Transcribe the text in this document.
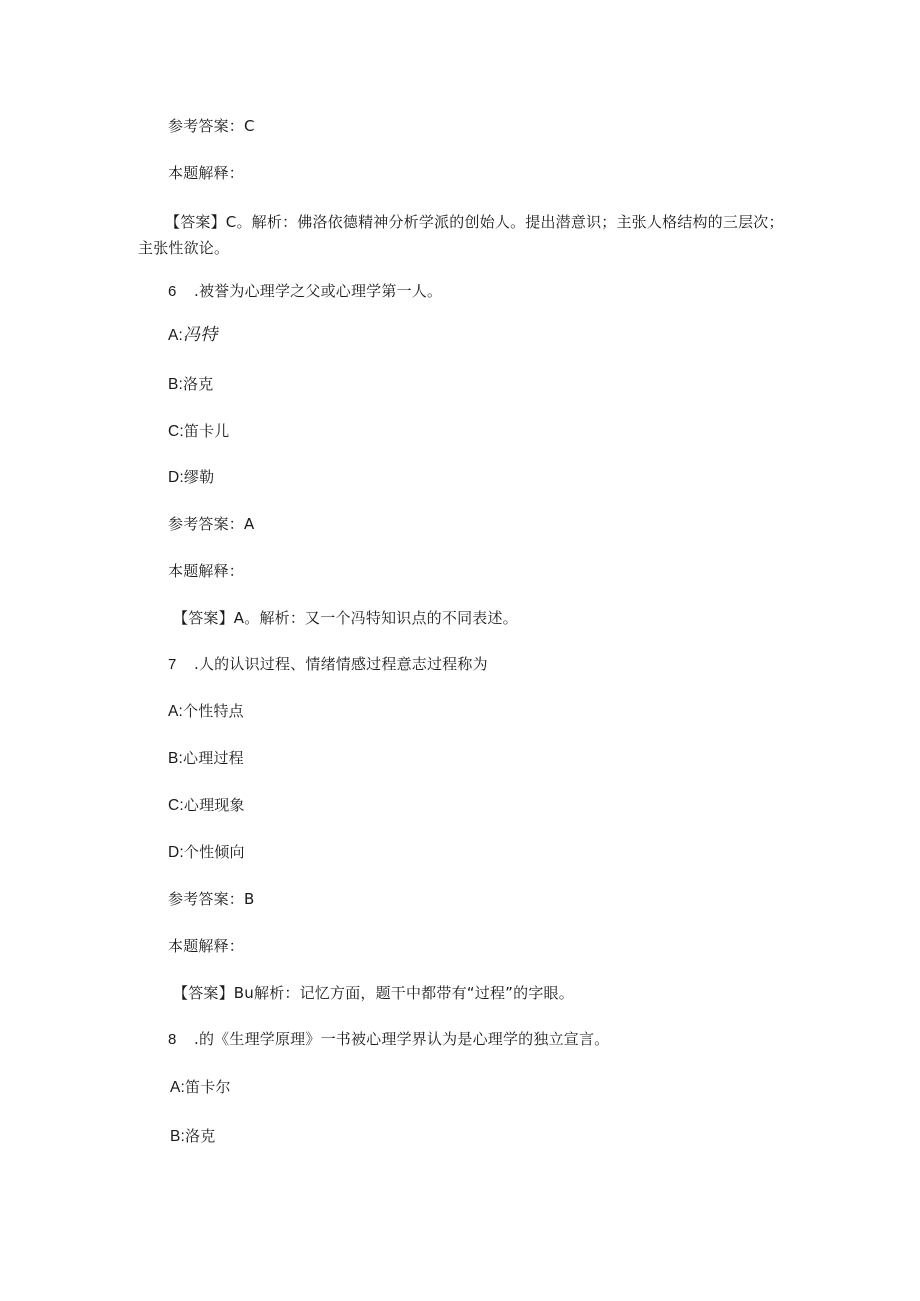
参考答案：C
本题解释：
【答案】C。解析：佛洛依德精神分析学派的创始人。提出潜意识；主张人格结构的三层次；主张性欲论。
6 .被誉为心理学之父或心理学第一人。
A:冯特
B:洛克
C:笛卡儿
D:缪勒
参考答案：A
本题解释：
【答案】A。解析：又一个冯特知识点的不同表述。
7 .人的认识过程、情绪情感过程意志过程称为
A:个性特点
B:心理过程
C:心理现象
D:个性倾向
参考答案：B
本题解释：
【答案】Bu解析：记忆方面，题干中都带有“过程”的字眼。
8 .的《生理学原理》一书被心理学界认为是心理学的独立宣言。
A:笛卡尔
B:洛克
